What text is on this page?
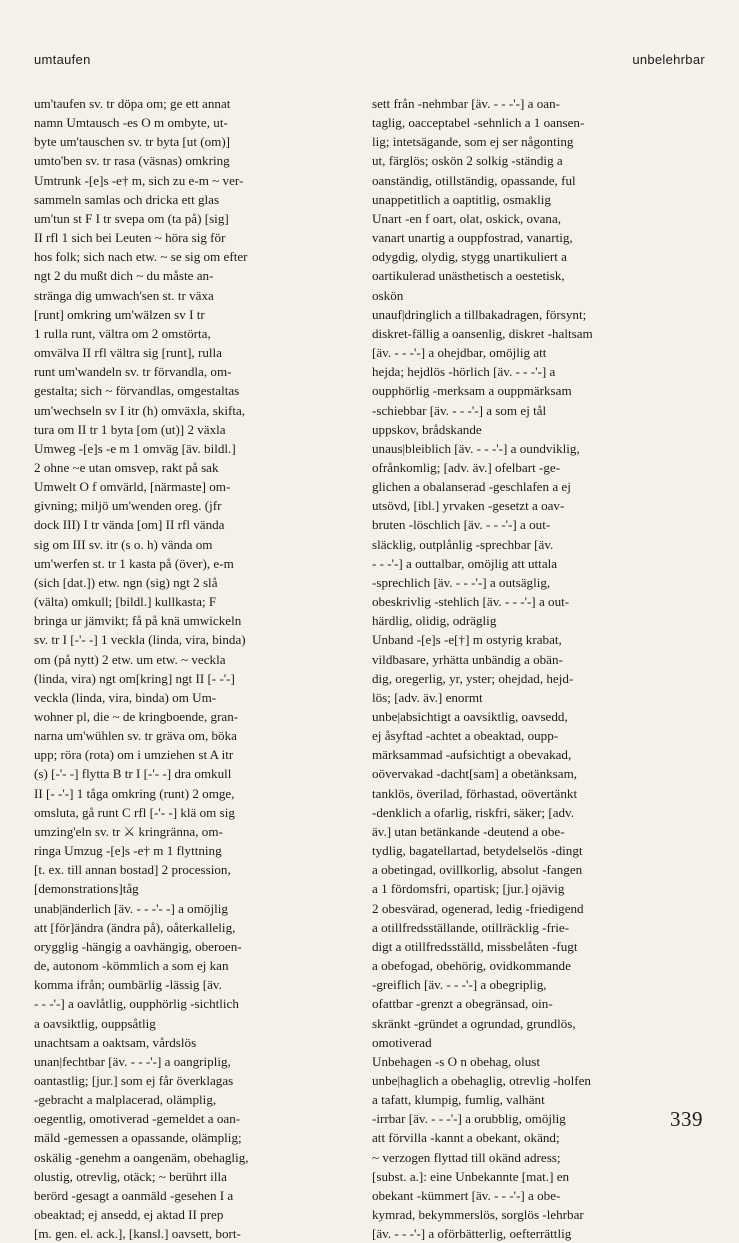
umtaufen	unbelehrbar
um'taufen sv. tr döpa om; ge ett annat
namn Umtausch -es O m ombyte, ut-
byte um'tauschen sv. tr byta [ut (om)]
umto'ben sv. tr rasa (väsnas) omkring
Umtrunk -[e]s -e† m, sich zu e-m ~ ver-
sammeln samlas och dricka ett glas
um'tun st F I tr svepa om (ta på) [sig]
II rfl 1 sich bei Leuten ~ höra sig för
hos folk; sich nach etw. ~ se sig om efter
ngt 2 du mußt dich ~ du måste an-
stränga dig umwach'sen st. tr växa
[runt] omkring um'wälzen sv I tr
1 rulla runt, vältra om 2 omstörta,
omvälva II rfl vältra sig [runt], rulla
runt um'wandeln sv. tr förvandla, om-
gestalta; sich ~ förvandlas, omgestaltas
um'wechseln sv I itr (h) omväxla, skifta,
tura om II tr 1 byta [om (ut)] 2 växla
Umweg -[e]s -e m 1 omväg [äv. bildl.]
2 ohne ~e utan omsvep, rakt på sak
Umwelt O f omvärld, [närmaste] om-
givning; miljö um'wenden oreg. (jfr
dock III) I tr vända [om] II rfl vända
sig om III sv. itr (s o. h) vända om
um'werfen st. tr 1 kasta på (över), e-m
(sich [dat.]) etw. ngn (sig) ngt 2 slå
(välta) omkull; [bildl.] kullkasta; F
bringa ur jämvikt; få på knä umwickeln
sv. tr I [-'- -] 1 veckla (linda, vira, binda)
om (på nytt) 2 etw. um etw. ~ veckla
(linda, vira) ngt om[kring] ngt II [- -'-]
veckla (linda, vira, binda) om Um-
wohner pl, die ~ de kringboende, gran-
narna um'wühlen sv. tr gräva om, böka
upp; röra (rota) om i umziehen st A itr
(s) [-'- -] flytta B tr I [-'- -] dra omkull
II [- -'-] 1 tåga omkring (runt) 2 omge,
omsluta, gå runt C rfl [-'- -] klä om sig
umzing'eln sv. tr ⚔ kringränna, om-
ringa Umzug -[e]s -e† m 1 flyttning
[t. ex. till annan bostad] 2 procession,
[demonstrations]tåg
unab|änderlich [äv. - - -'- -] a omöjlig
att [för]ändra (ändra på), oåterkallelig,
orygglig -hängig a oavhängig, oberoen-
de, autonom -kömmlich a som ej kan
komma ifrån; oumbärlig -lässig [äv.
- - -'-] a oavlåtlig, oupphörlig -sichtlich
a oavsiktlig, ouppsåtlig
unachtsam a oaktsam, vårdslös
unan|fechtbar [äv. - - -'-] a oangriplig,
oantastlig; [jur.] som ej får överklagas
-gebracht a malplacerad, olämplig,
oegentlig, omotiverad -gemeldet a oan-
mäld -gemessen a opassande, olämplig;
oskälig -genehm a oangenäm, obehaglig,
olustig, otrevlig, otäck; ~ berührt illa
berörd -gesagt a oanmäld -gesehen I a
obeaktad; ej ansedd, ej aktad II prep
[m. gen. el. ack.], [kansl.] oavsett, bort-
sett från -nehmbar [äv. - - -'-] a oan-
taglig, oacceptabel -sehnlich a 1 oansen-
lig; intetsägande, som ej ser någonting
ut, färglös; oskön 2 solkig -ständig a
oanständig, otillständig, opassande, ful
unappetitlich a oaptitlig, osmaklig
Unart -en f oart, olat, oskick, ovana,
vanart unartig a ouppfostrad, vanartig,
odygdig, olydig, stygg unartikuliert a
oartikulerad unästhetisch a oestetisk,
oskön
unauf|dringlich a tillbakadragen, försynt;
diskret-fällig a oansenlig, diskret -haltsam
[äv. - - -'-] a ohejdbar, omöjlig att
hejda; hejdlös -hörlich [äv. - - -'-] a
oupphörlig -merksam a ouppmärksam
-schiebbar [äv. - - -'-] a som ej tål
uppskov, brådskande
unaus|bleiblich [äv. - - -'-] a oundviklig,
ofrånkomlig; [adv. äv.] ofelbart -ge-
glichen a obalanserad -geschlafen a ej
utsövd, [ibl.] yrvaken -gesetzt a oav-
bruten -löschlich [äv. - - -'-] a out-
släcklig, outplånlig -sprechbar [äv.
- - -'-] a outtalbar, omöjlig att uttala
-sprechlich [äv. - - -'-] a outsäglig,
obeskrivlig -stehlich [äv. - - -'-] a out-
härdlig, olidig, odräglig
Unband -[e]s -e[†] m ostyrig krabat,
vildbasare, yrhätta unbändig a obän-
dig, oregerlig, yr, yster; ohejdad, hejd-
lös; [adv. äv.] enormt
unbe|absichtigt a oavsiktlig, oavsedd,
ej åsyftad -achtet a obeaktad, oupp-
märksammad -aufsichtigt a obevakad,
oövervakad -dacht[sam] a obetänksam,
tanklös, överilad, förhastad, oövertänkt
-denklich a ofarlig, riskfri, säker; [adv.
äv.] utan betänkande -deutend a obe-
tydlig, bagatellartad, betydelselös -dingt
a obetingad, ovillkorlig, absolut -fangen
a 1 fördomsfri, opartisk; [jur.] ojävig
2 obesvärad, ogenerad, ledig -friedigend
a otillfredsställande, otillräcklig -frie-
digt a otillfredsställd, missbelåten -fugt
a obefogad, obehörig, ovidkommande
-greiflich [äv. - - -'-] a obegriplig,
ofattbar -grenzt a obegränsad, oin-
skränkt -gründet a ogrundad, grundlös,
omotiverad
Unbehagen -s O n obehag, olust
unbe|haglich a obehaglig, otrevlig -holfen
a tafatt, klumpig, fumlig, valhänt
-irrbar [äv. - - -'-] a orubblig, omöjlig
att förvilla -kannt a obekant, okänd;
~ verzogen flyttad till okänd adress;
[subst. a.]: eine Unbekannte [mat.] en
obekant -kümmert [äv. - - -'-] a obe-
kymrad, bekymmerslös, sorglös -lehrbar
[äv. - - -'-] a oförbätterlig, oefterrättlig
339
